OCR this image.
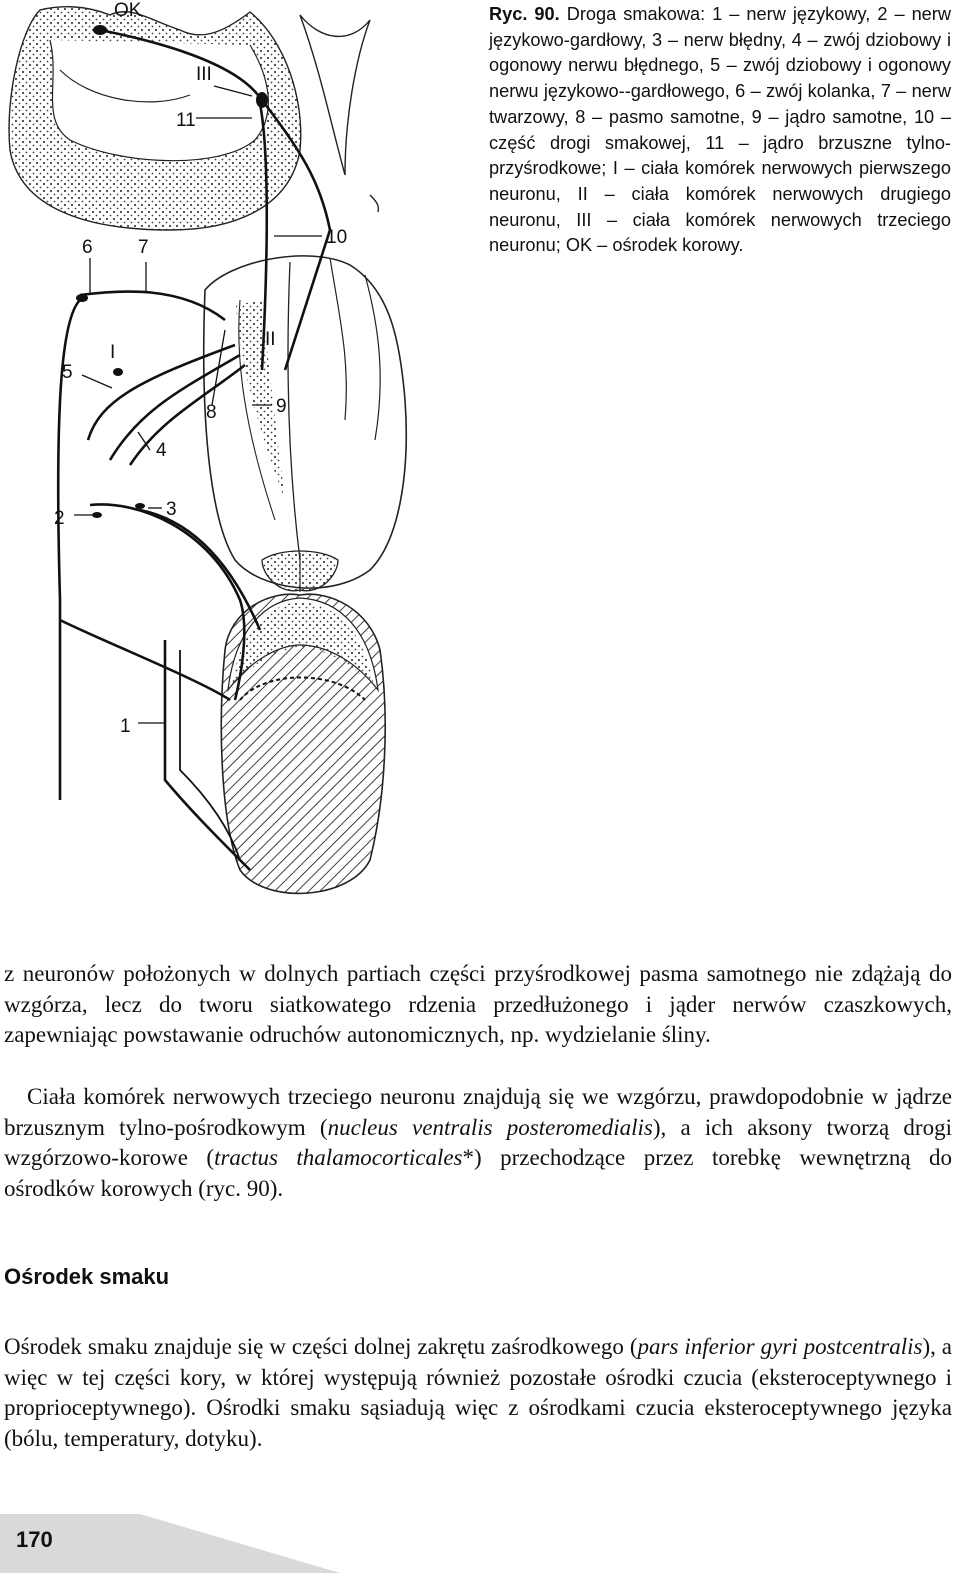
OK
III
11
10
6 7
I
II
5
8	9
4
2	3
1

Ryc. 90. Droga smakowa: 1 – nerw językowy, 2 – nerw językowo-gardłowy, 3 – nerw błędny, 4 – zwój dziobowy i ogonowy nerwu błędnego, 5 – zwój dziobowy i ogonowy nerwu językowo--gardłowego, 6 – zwój kolanka, 7 – nerw twarzowy, 8 – pasmo samotne, 9 – jądro samotne, 10 – część drogi smakowej, 11 – jądro brzuszne tylno-przyśrodkowe; I – ciała komórek nerwowych pierwszego neuronu, II – ciała komórek nerwowych drugiego neuronu, III – ciała komórek nerwowych trzeciego neuronu; OK – ośrodek korowy.

z neuronów położonych w dolnych partiach części przyśrodkowej pasma samotnego nie zdążają do wzgórza, lecz do tworu siatkowatego rdzenia przedłużonego i jąder nerwów czaszkowych, zapewniając powstawanie odruchów autonomicznych, np. wydzielanie śliny.

 Ciała komórek nerwowych trzeciego neuronu znajdują się we wzgórzu, prawdopodobnie w jądrze brzusznym tylno-pośrodkowym (nucleus ventralis posteromedialis), a ich aksony tworzą drogi wzgórzowo-korowe (tractus thalamocorticales*) przechodzące przez torebkę wewnętrzną do ośrodków korowych (ryc. 90).

Ośrodek smaku

Ośrodek smaku znajduje się w części dolnej zakrętu zaśrodkowego (pars inferior gyri postcentralis), a więc w tej części kory, w której występują również pozostałe ośrodki czucia (eksteroceptywnego i proprioceptywnego). Ośrodki smaku sąsiadują więc z ośrodkami czucia eksteroceptywnego języka (bólu, temperatury, dotyku).

170
